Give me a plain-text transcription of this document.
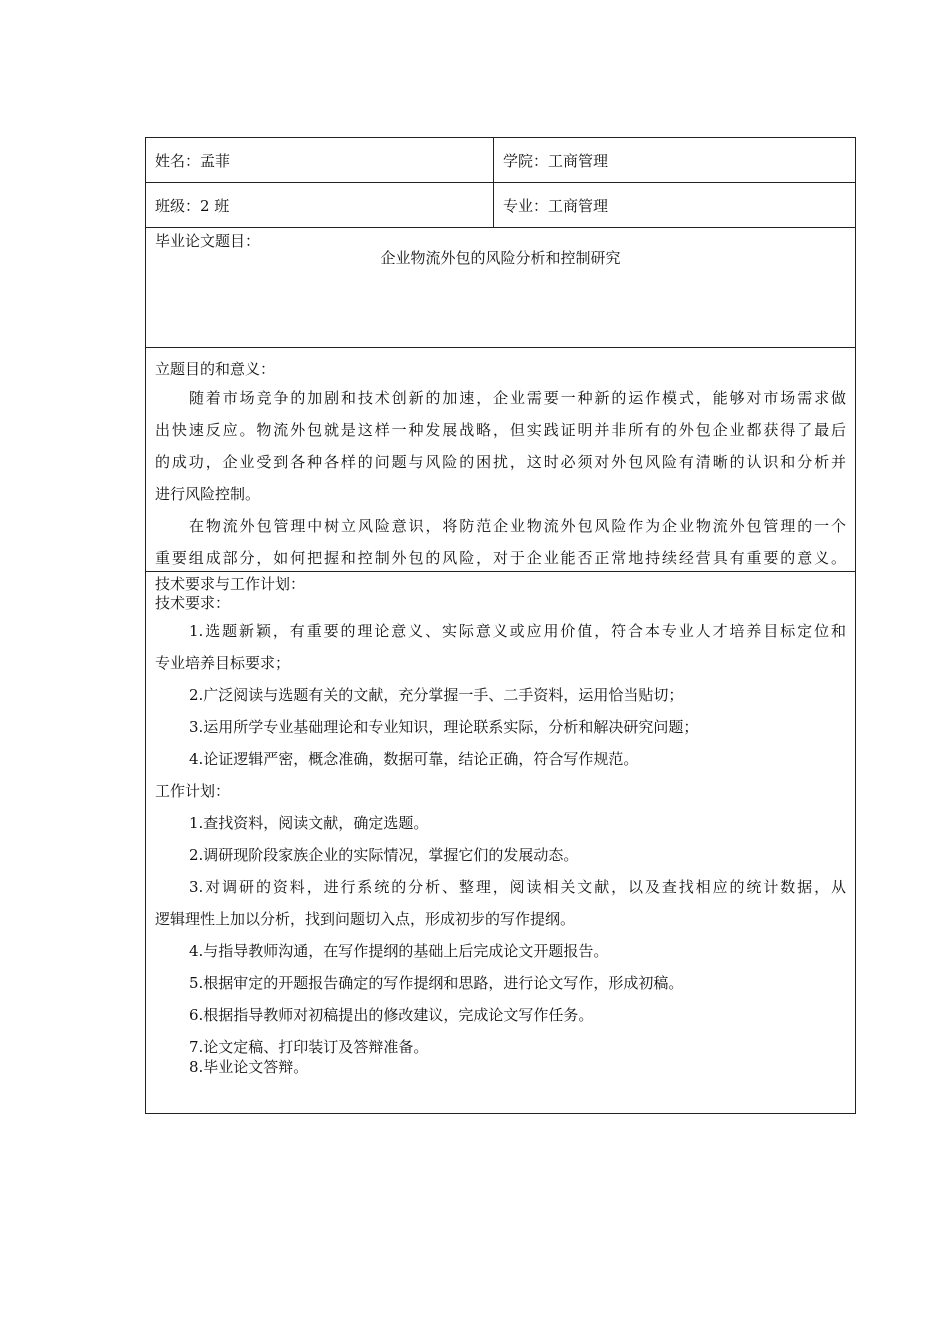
姓名：孟菲	学院：工商管理
班级：2 班	专业：工商管理
毕业论文题目：
企业物流外包的风险分析和控制研究
立题目的和意义：
随着市场竞争的加剧和技术创新的加速，企业需要一种新的运作模式，能够对市场需求做
出快速反应。物流外包就是这样一种发展战略，但实践证明并非所有的外包企业都获得了最后
的成功，企业受到各种各样的问题与风险的困扰，这时必须对外包风险有清晰的认识和分析并
进行风险控制。
在物流外包管理中树立风险意识，将防范企业物流外包风险作为企业物流外包管理的一个
重要组成部分，如何把握和控制外包的风险，对于企业能否正常地持续经营具有重要的意义。
技术要求与工作计划：
技术要求：
1.选题新颖，有重要的理论意义、实际意义或应用价值，符合本专业人才培养目标定位和
专业培养目标要求；
2.广泛阅读与选题有关的文献，充分掌握一手、二手资料，运用恰当贴切；
3.运用所学专业基础理论和专业知识，理论联系实际，分析和解决研究问题；
4.论证逻辑严密，概念准确，数据可靠，结论正确，符合写作规范。
工作计划：
1.查找资料，阅读文献，确定选题。
2.调研现阶段家族企业的实际情况，掌握它们的发展动态。
3.对调研的资料，进行系统的分析、整理，阅读相关文献，以及查找相应的统计数据，从
逻辑理性上加以分析，找到问题切入点，形成初步的写作提纲。
4.与指导教师沟通，在写作提纲的基础上后完成论文开题报告。
5.根据审定的开题报告确定的写作提纲和思路，进行论文写作，形成初稿。
6.根据指导教师对初稿提出的修改建议，完成论文写作任务。
7.论文定稿、打印装订及答辩准备。
8.毕业论文答辩。
